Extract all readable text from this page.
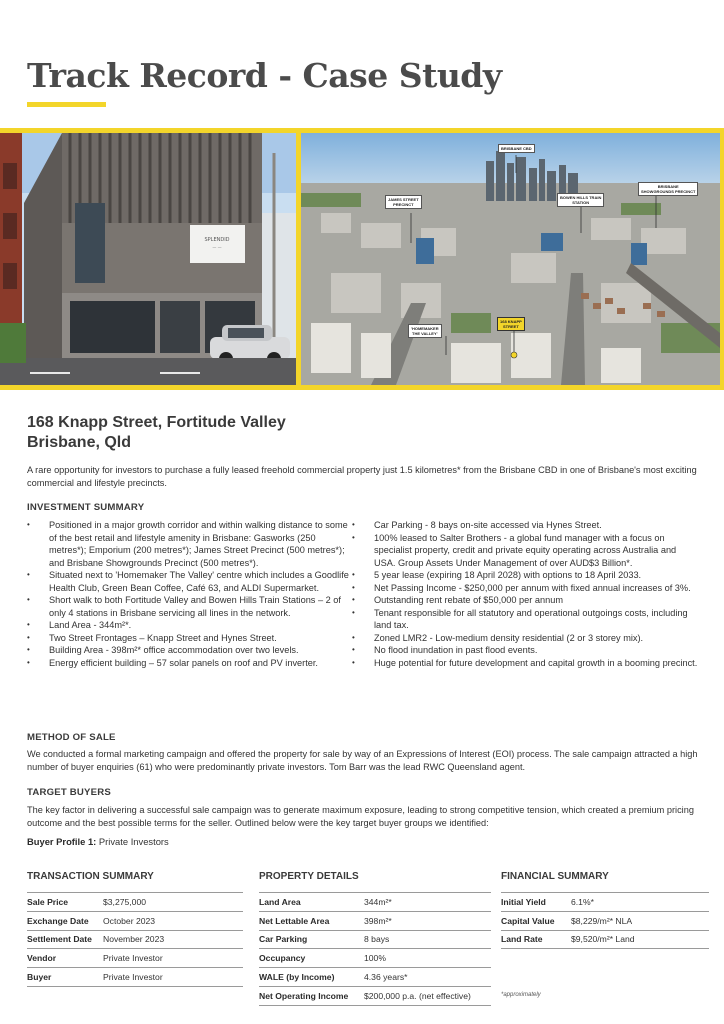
Track Record - Case Study
SPLENDID
— —
BRISBANE CBD
JAMES STREET
PRECINCT
BOWEN HILLS TRAIN
STATION
BRISBANE
SHOWGROUNDS PRECINCT
'HOMEMAKER
THE VALLEY'
168 KNAPP
STREET
168 Knapp Street, Fortitude Valley
Brisbane, Qld

A rare opportunity for investors to purchase a fully leased freehold commercial property just 1.5 kilometres* from the Brisbane CBD in one of Brisbane's most exciting commercial and lifestyle precincts.

INVESTMENT SUMMARY
• Positioned in a major growth corridor and within walking distance to some of the best retail and lifestyle amenity in Brisbane: Gasworks (250 metres*); Emporium (200 metres*); James Street Precinct (500 metres*); and Brisbane Showgrounds Precinct (500 metres*).
• Situated next to 'Homemaker The Valley' centre which includes a Goodlife Health Club, Green Bean Coffee, Café 63, and ALDI Supermarket.
• Short walk to both Fortitude Valley and Bowen Hills Train Stations – 2 of only 4 stations in Brisbane servicing all lines in the network.
• Land Area - 344m²*.
• Two Street Frontages – Knapp Street and Hynes Street.
• Building Area - 398m²* office accommodation over two levels.
• Energy efficient building – 57 solar panels on roof and PV inverter.
• Car Parking - 8 bays on-site accessed via Hynes Street.
• 100% leased to Salter Brothers - a global fund manager with a focus on specialist property, credit and private equity operating across Australia and USA. Group Assets Under Management of over AUD$3 Billion*.
• 5 year lease (expiring 18 April 2028) with options to 18 April 2033.
• Net Passing Income - $250,000 per annum with fixed annual increases of 3%.
• Outstanding rent rebate of $50,000 per annum
• Tenant responsible for all statutory and operational outgoings costs, including land tax.
• Zoned LMR2 - Low-medium density residential (2 or 3 storey mix).
• No flood inundation in past flood events.
• Huge potential for future development and capital growth in a booming precinct.
METHOD OF SALE

We conducted a formal marketing campaign and offered the property for sale by way of an Expressions of Interest (EOI) process. The sale campaign attracted a high number of buyer enquiries (61) who were predominantly private investors. Tom Barr was the lead RWC Queensland agent.

TARGET BUYERS

The key factor in delivering a successful sale campaign was to generate maximum exposure, leading to strong competitive tension, which created a premium pricing outcome and the best possible terms for the seller. Outlined below were the key target buyer groups we identified:

Buyer Profile 1: Private Investors
TRANSACTION SUMMARY
Sale Price	$3,275,000
Exchange Date	October 2023
Settlement Date	November 2023
Vendor	Private Investor
Buyer	Private Investor
PROPERTY DETAILS
Land Area	344m²*
Net Lettable Area	398m²*
Car Parking	8 bays
Occupancy	100%
WALE (by Income)	4.36 years*
Net Operating Income	$200,000 p.a. (net effective)
FINANCIAL SUMMARY
Initial Yield	6.1%*
Capital Value	$8,229/m²* NLA
Land Rate	$9,520/m²* Land
*approximately
